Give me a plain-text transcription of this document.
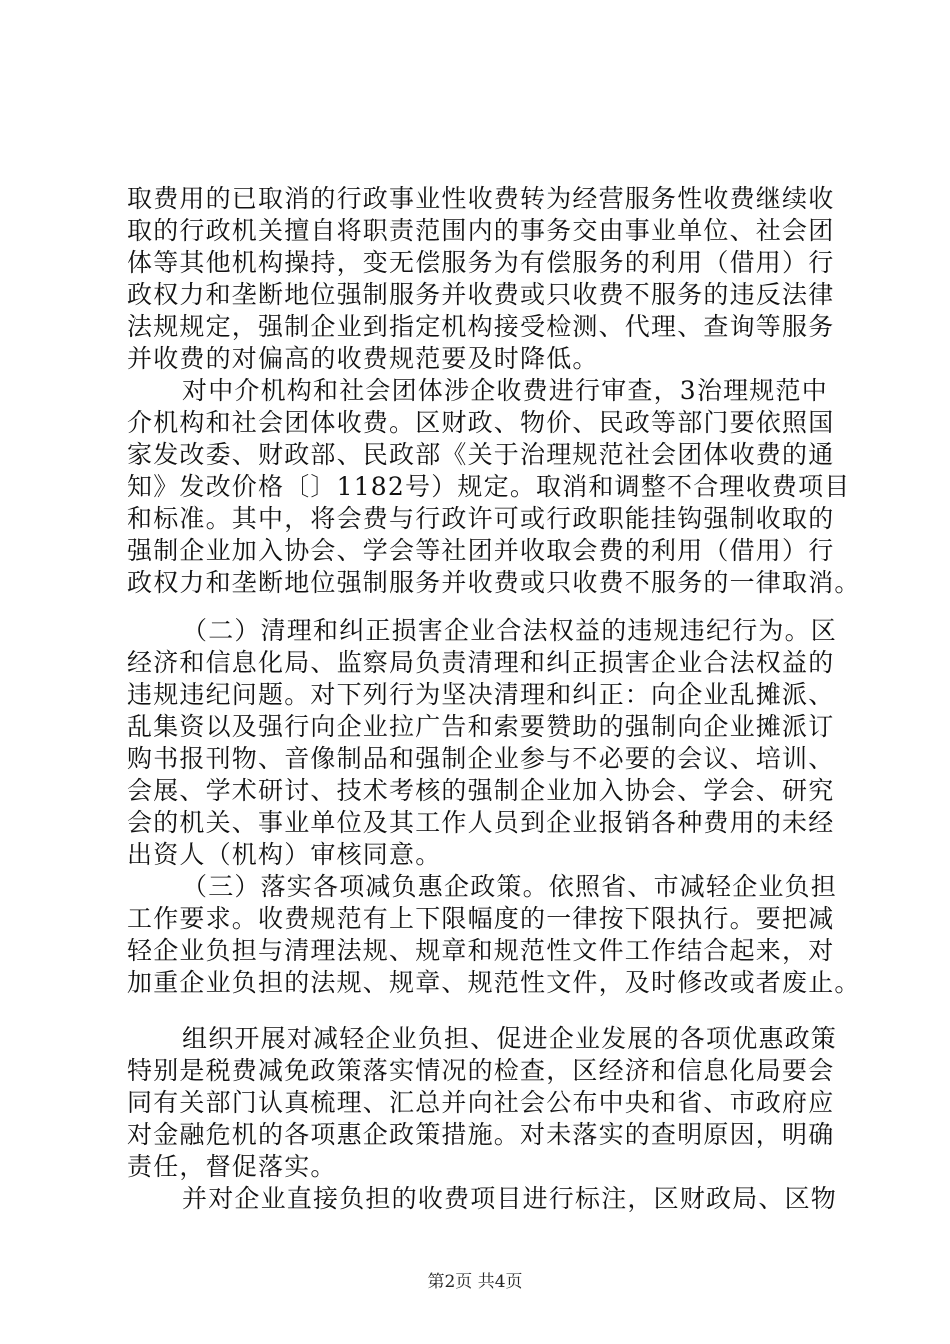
取费用的已取消的行政事业性收费转为经营服务性收费继续收
取的行政机关擅自将职责范围内的事务交由事业单位、社会团
体等其他机构操持，变无偿服务为有偿服务的利用（借用）行
政权力和垄断地位强制服务并收费或只收费不服务的违反法律
法规规定，强制企业到指定机构接受检测、代理、查询等服务
并收费的对偏高的收费规范要及时降低。
对中介机构和社会团体涉企收费进行审查，3治理规范中
介机构和社会团体收费。区财政、物价、民政等部门要依照国
家发改委、财政部、民政部《关于治理规范社会团体收费的通
知》发改价格〔〕1182号）规定。取消和调整不合理收费项目
和标准。其中，将会费与行政许可或行政职能挂钩强制收取的
强制企业加入协会、学会等社团并收取会费的利用（借用）行
政权力和垄断地位强制服务并收费或只收费不服务的一律取消。
（二）清理和纠正损害企业合法权益的违规违纪行为。区
经济和信息化局、监察局负责清理和纠正损害企业合法权益的
违规违纪问题。对下列行为坚决清理和纠正：向企业乱摊派、
乱集资以及强行向企业拉广告和索要赞助的强制向企业摊派订
购书报刊物、音像制品和强制企业参与不必要的会议、培训、
会展、学术研讨、技术考核的强制企业加入协会、学会、研究
会的机关、事业单位及其工作人员到企业报销各种费用的未经
出资人（机构）审核同意。
（三）落实各项减负惠企政策。依照省、市减轻企业负担
工作要求。收费规范有上下限幅度的一律按下限执行。要把减
轻企业负担与清理法规、规章和规范性文件工作结合起来，对
加重企业负担的法规、规章、规范性文件，及时修改或者废止。
组织开展对减轻企业负担、促进企业发展的各项优惠政策
特别是税费减免政策落实情况的检查，区经济和信息化局要会
同有关部门认真梳理、汇总并向社会公布中央和省、市政府应
对金融危机的各项惠企政策措施。对未落实的查明原因，明确
责任，督促落实。
并对企业直接负担的收费项目进行标注，区财政局、区物
第2页 共4页
